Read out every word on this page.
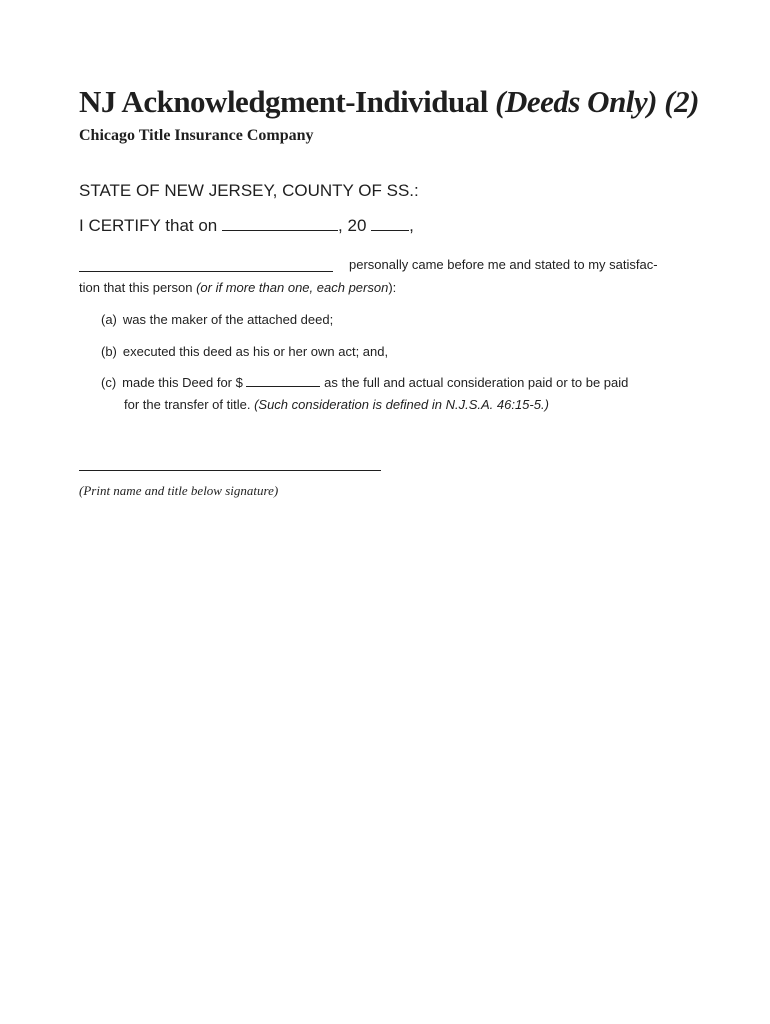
NJ Acknowledgment-Individual (Deeds Only) (2)
Chicago Title Insurance Company
STATE OF NEW JERSEY, COUNTY OF SS.:
I CERTIFY that on	, 20	,
personally came before me and stated to my satisfac-
tion that this person (or if more than one, each person):
(a) was the maker of the attached deed;
(b) executed this deed as his or her own act; and,
(c) made this Deed for $	as the full and actual consideration paid or to be paid
for the transfer of title. (Such consideration is defined in N.J.S.A. 46:15-5.)
(Print name and title below signature)
